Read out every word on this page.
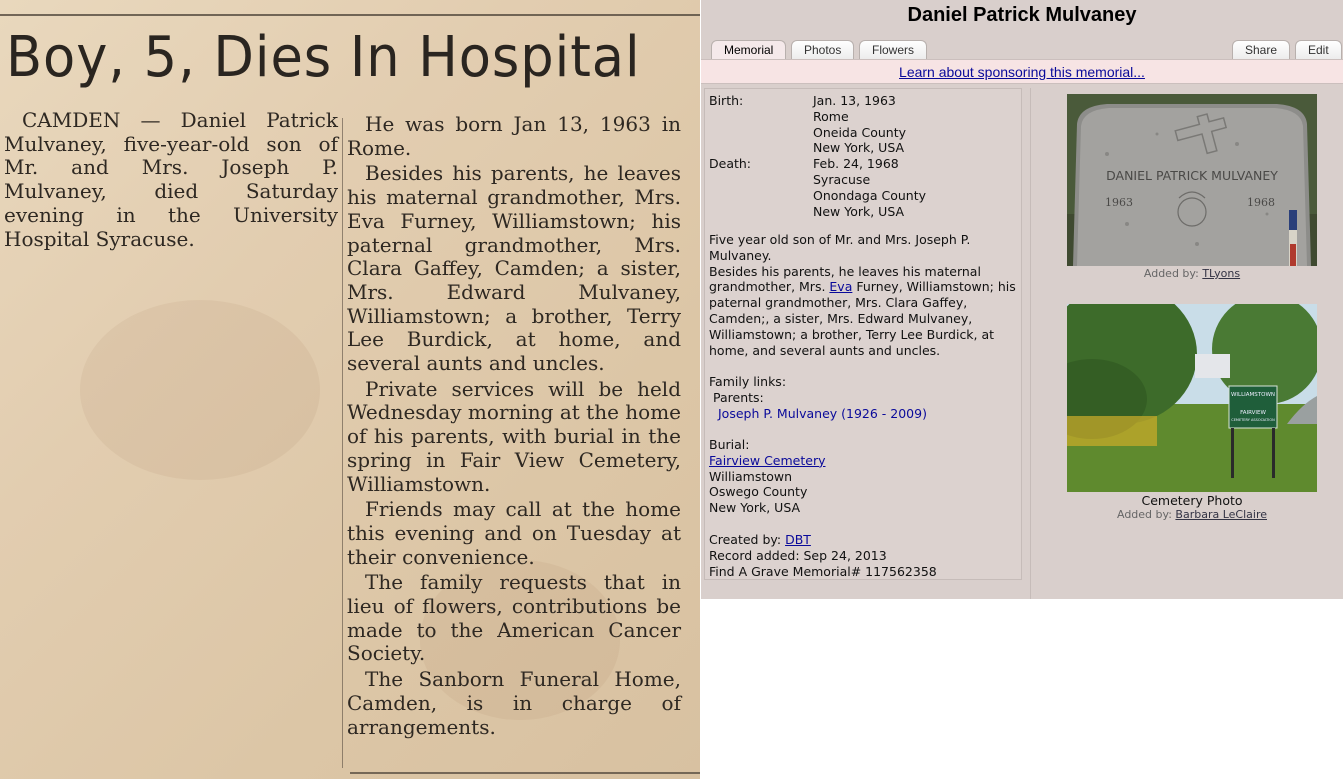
Boy, 5, Dies In Hospital

CAMDEN — Daniel Patrick Mulvaney, five-year-old son of Mr. and Mrs. Joseph P. Mulvaney, died Saturday evening in the University Hospital Syracuse.

He was born Jan 13, 1963 in Rome.

Besides his parents, he leaves his maternal grandmother, Mrs. Eva Furney, Williamstown; his paternal grandmother, Mrs. Clara Gaffey, Camden; a sister, Mrs. Edward Mulvaney, Williamstown; a brother, Terry Lee Burdick, at home, and several aunts and uncles.

Private services will be held Wednesday morning at the home of his parents, with burial in the spring in Fair View Cemetery, Williamstown.

Friends may call at the home this evening and on Tuesday at their convenience.

The family requests that in lieu of flowers, contributions be made to the American Cancer Society.

The Sanborn Funeral Home, Camden, is in charge of arrangements.

Daniel Patrick Mulvaney
Memorial	Photos	Flowers	Share	Edit
Learn about sponsoring this memorial...
Birth:	Jan. 13, 1963
Rome
Oneida County
New York, USA
Death:	Feb. 24, 1968
Syracuse
Onondaga County
New York, USA
Five year old son of Mr. and Mrs. Joseph P. Mulvaney.
Besides his parents, he leaves his maternal grandmother, Mrs. Eva Furney, Williamstown; his paternal grandmother, Mrs. Clara Gaffey, Camden;, a sister, Mrs. Edward Mulvaney, Williamstown; a brother, Terry Lee Burdick, at home, and several aunts and uncles.
Family links:
Parents:
Joseph P. Mulvaney (1926 - 2009)
Burial:
Fairview Cemetery
Williamstown
Oswego County
New York, USA
Created by: DBT
Record added: Sep 24, 2013
Find A Grave Memorial# 117562358
DANIEL PATRICK MULVANEY
1963	1968
Added by: TLyons
WILLIAMSTOWN
FAIRVIEW
CEMETERY ASSOCIATION
Cemetery Photo
Added by: Barbara LeClaire
